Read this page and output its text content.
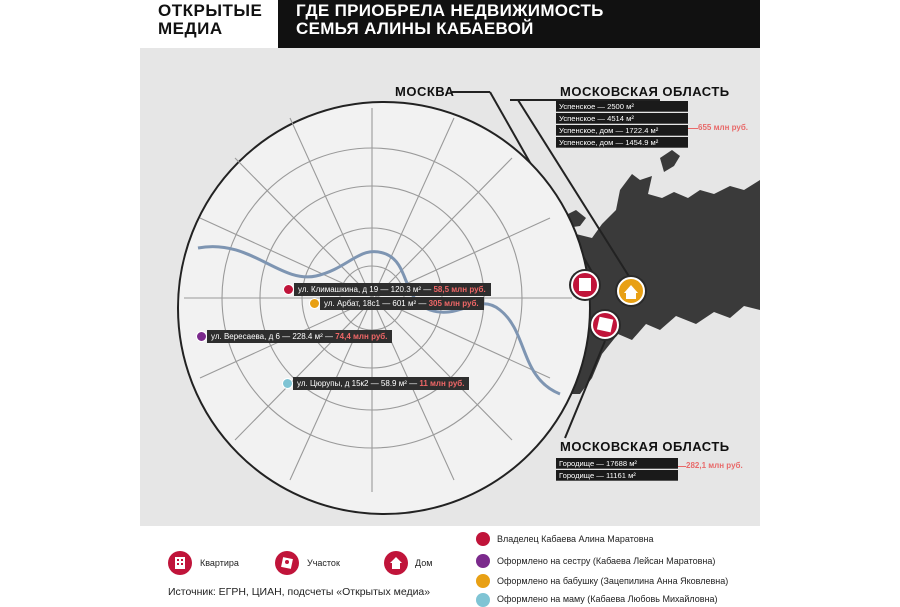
ОТКРЫТЫЕ
МЕДИА
ГДЕ ПРИОБРЕЛА НЕДВИЖИМОСТЬ
СЕМЬЯ АЛИНЫ КАБАЕВОЙ
МОСКВА	МОСКОВСКАЯ ОБЛАСТЬ
МОСКОВСКАЯ ОБЛАСТЬ
Успенское — 2500 м²
Успенское — 4514 м²
Успенское, дом — 1722.4 м²
Успенское, дом — 1454.9 м²
655 млн руб.
Городище — 17688 м²
Городище — 11161 м²
282,1 млн руб.
ул. Климашкина, д 19 — 120.3 м² — 58,5 млн руб.
ул. Арбат, 18с1 — 601 м² — 305 млн руб.
ул. Вересаева, д 6 — 228.4 м² — 74,4 млн руб.
ул. Цюрупы, д 15к2 — 58.9 м² — 11 млн руб.
Квартира	Участок	Дом
Владелец Кабаева Алина Маратовна
Оформлено на сестру (Кабаева Лейсан Маратовна)
Оформлено на бабушку (Зацепилина Анна Яковлевна)
Оформлено на маму (Кабаева Любовь Михайловна)
Источник: ЕГРН, ЦИАН, подсчеты «Открытых медиа»
